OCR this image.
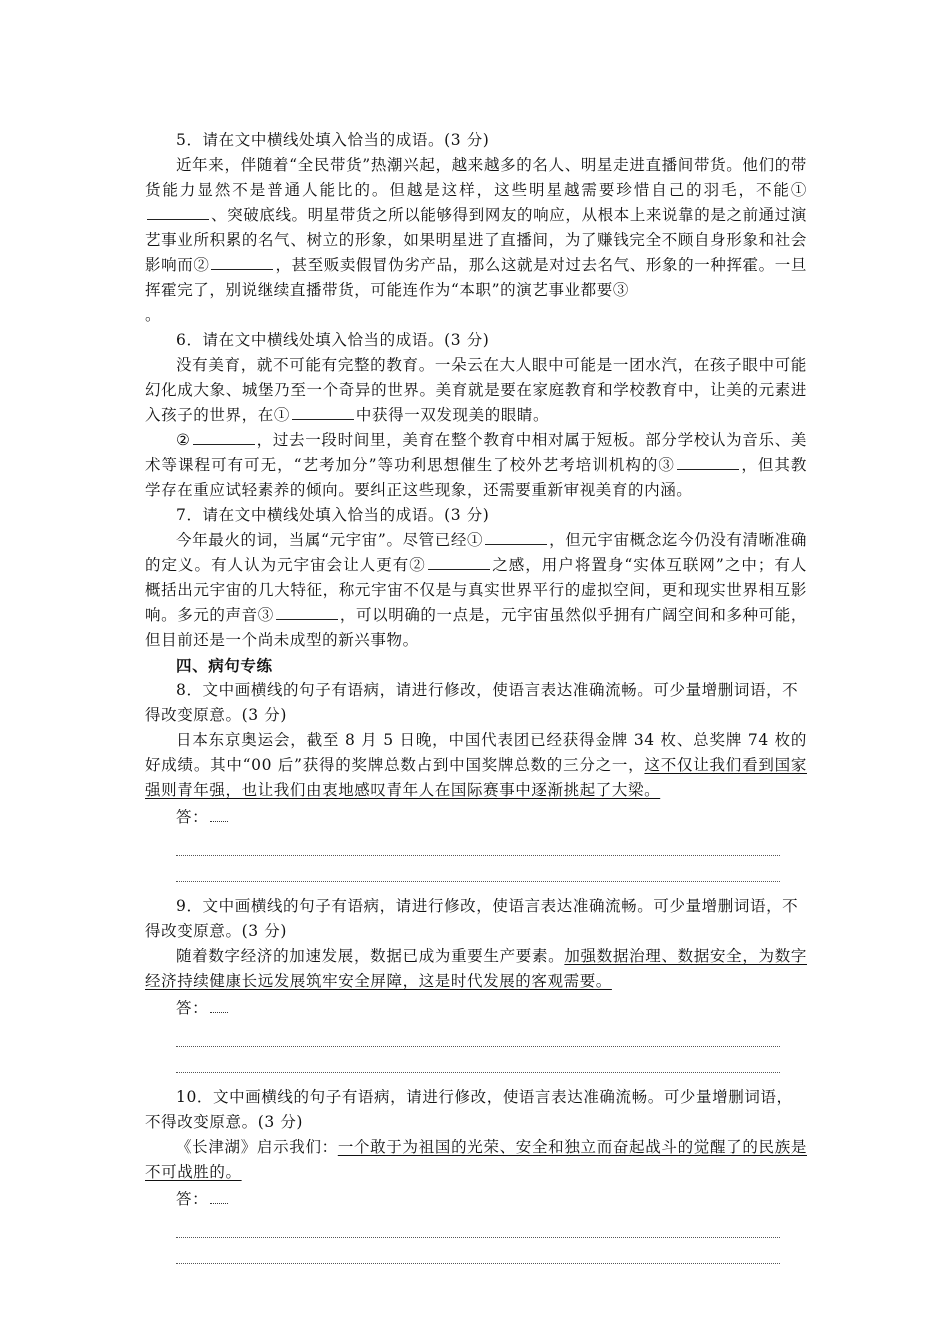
5．请在文中横线处填入恰当的成语。(3 分)

近年来，伴随着“全民带货”热潮兴起，越来越多的名人、明星走进直播间带货。他们的带货能力显然不是普通人能比的。但越是这样，这些明星越需要珍惜自己的羽毛，不能①、突破底线。明星带货之所以能够得到网友的响应，从根本上来说靠的是之前通过演艺事业所积累的名气、树立的形象，如果明星进了直播间，为了赚钱完全不顾自身形象和社会影响而②	，甚至贩卖假冒伪劣产品，那么这就是对过去名气、形象的一种挥霍。一旦挥霍完了，别说继续直播带货，可能连作为“本职”的演艺事业都要③
。

6．请在文中横线处填入恰当的成语。(3 分)

没有美育，就不可能有完整的教育。一朵云在大人眼中可能是一团水汽，在孩子眼中可能幻化成大象、城堡乃至一个奇异的世界。美育就是要在家庭教育和学校教育中，让美的元素进入孩子的世界，在①	中获得一双发现美的眼睛。

②	，过去一段时间里，美育在整个教育中相对属于短板。部分学校认为音乐、美术等课程可有可无，“艺考加分”等功利思想催生了校外艺考培训机构的③	，但其教学存在重应试轻素养的倾向。要纠正这些现象，还需要重新审视美育的内涵。

7．请在文中横线处填入恰当的成语。(3 分)

今年最火的词，当属“元宇宙”。尽管已经①	，但元宇宙概念迄今仍没有清晰准确的定义。有人认为元宇宙会让人更有②	之感，用户将置身“实体互联网”之中；有人概括出元宇宙的几大特征，称元宇宙不仅是与真实世界平行的虚拟空间，更和现实世界相互影响。多元的声音③	，可以明确的一点是，元宇宙虽然似乎拥有广阔空间和多种可能，但目前还是一个尚未成型的新兴事物。

四、病句专练

8．文中画横线的句子有语病，请进行修改，使语言表达准确流畅。可少量增删词语，不得改变原意。(3 分)

日本东京奥运会，截至 8 月 5 日晚，中国代表团已经获得金牌 34 枚、总奖牌 74 枚的好成绩。其中“00 后”获得的奖牌总数占到中国奖牌总数的三分之一，这不仅让我们看到国家强则青年强，也让我们由衷地感叹青年人在国际赛事中逐渐挑起了大梁。

答：

9．文中画横线的句子有语病，请进行修改，使语言表达准确流畅。可少量增删词语，不得改变原意。(3 分)

随着数字经济的加速发展，数据已成为重要生产要素。加强数据治理、数据安全，为数字经济持续健康长远发展筑牢安全屏障，这是时代发展的客观需要。

答：

10．文中画横线的句子有语病，请进行修改，使语言表达准确流畅。可少量增删词语，不得改变原意。(3 分)

《长津湖》启示我们：一个敢于为祖国的光荣、安全和独立而奋起战斗的觉醒了的民族是不可战胜的。

答：
